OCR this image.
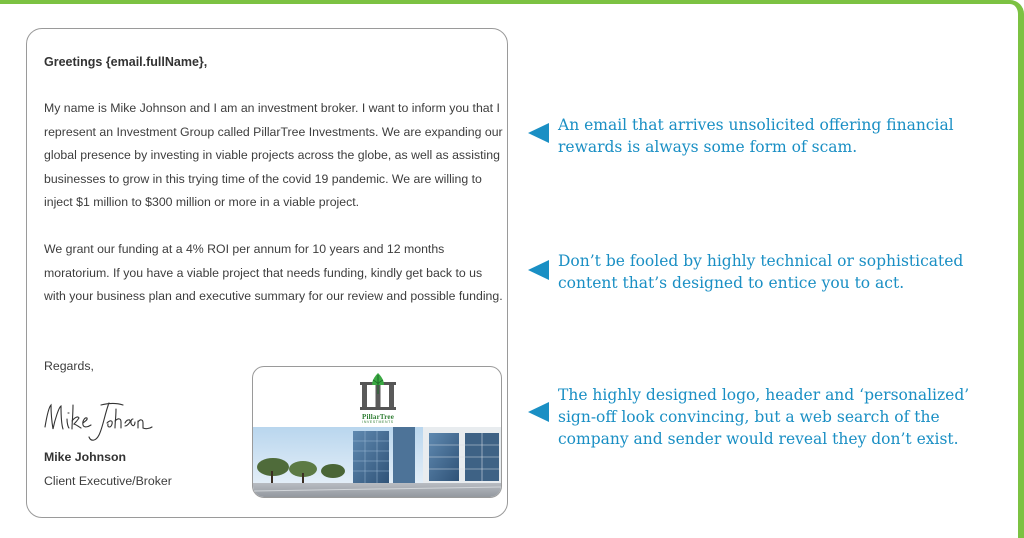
Greetings {email.fullName},
My name is Mike Johnson and I am an investment broker. I want to inform you that I represent an Investment Group called PillarTree Investments. We are expanding our global presence by investing in viable projects across the globe, as well as assisting businesses to grow in this trying time of the covid 19 pandemic. We are willing to inject $1 million to $300 million or more in a viable project.
We grant our funding at a 4% ROI per annum for 10 years and 12 months moratorium. If you have a viable project that needs funding, kindly get back to us with your business plan and executive summary for our review and possible funding.
Regards,
Mike Johnson
Client Executive/Broker
PillarTree
INVESTMENTS
An email that arrives unsolicited offering financial rewards is always some form of scam.
Don’t be fooled by highly technical or sophisticated content that’s designed to entice you to act.
The highly designed logo, header and ‘personalized’ sign-off look convincing, but a web search of the company and sender would reveal they don’t exist.
